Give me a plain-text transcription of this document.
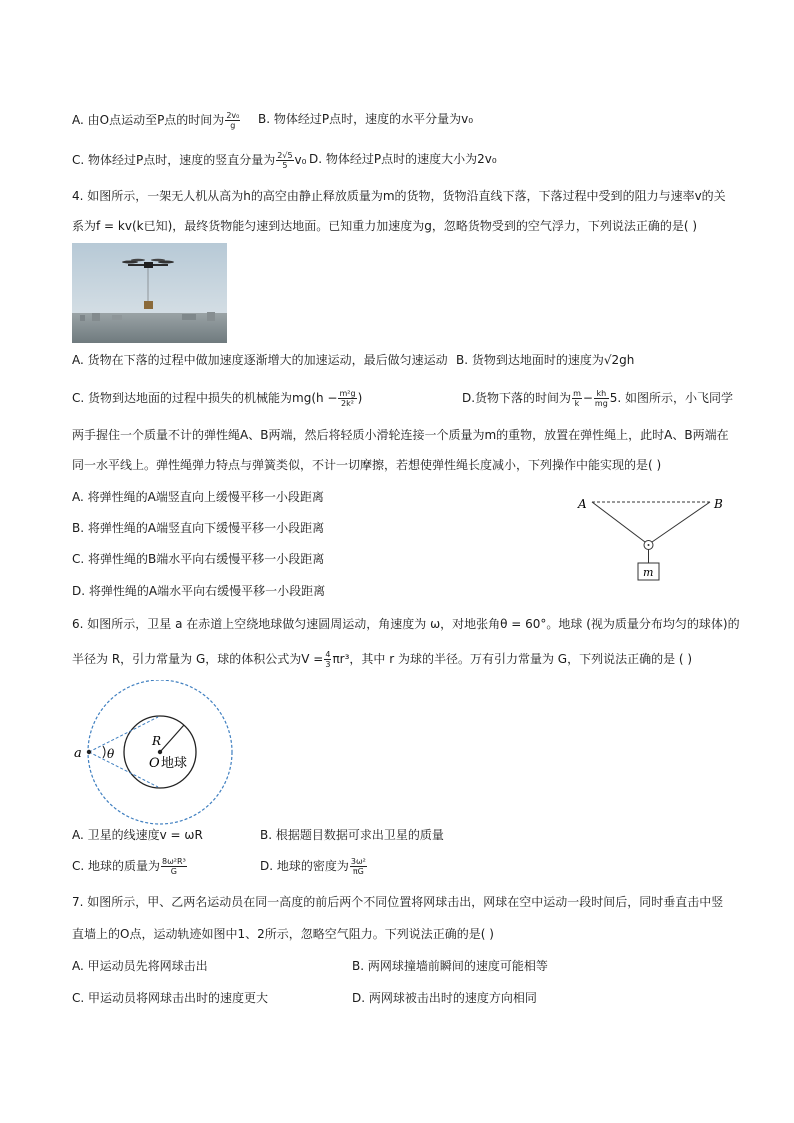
A. 由O点运动至P点的时间为 $\frac{\text{2v₀}}{g} B$. 物体经过P点时，速度的水平分量为v₀
C. 物体经过P点时，速度的竖直分量为 $\frac{2√5}{5} v_0$ D. 物体经过P点时的速度大小为2v₀
4. 如图所示，一架无人机从高为h的高空由静止释放质量为m的货物，货物沿直线下落，下落过程中受到的阻力与速率v的关
系为f = kv(k已知)，最终货物能匀速到达地面。已知重力加速度为g，忽略货物受到的空气浮力，下列说法正确的是( )
A. 货物在下落的过程中做加速度逐渐增大的加速运动，最后做匀速运动 B. 货物到达地面时的速度为√2gh
C. 货物到达地面的过程中损失的机械能为$mg(h - \frac{\text{m²g}}{\text{2k²}}$ )	D.货物下落的时间为 $\frac{m}{k} - \frac{kh}{mg} 5$. 如图所示，小飞同学
两手握住一个质量不计的弹性绳A、B两端，然后将轻质小滑轮连接一个质量为m的重物，放置在弹性绳上，此时A、B两端在
同一水平线上。弹性绳弹力特点与弹簧类似，不计一切摩擦，若想使弹性绳长度减小，下列操作中能实现的是( )
A. 将弹性绳的A端竖直向上缓慢平移一小段距离
B. 将弹性绳的A端竖直向下缓慢平移一小段距离
C. 将弹性绳的B端水平向右缓慢平移一小段距离
D. 将弹性绳的A端水平向右缓慢平移一小段距离
A	B
m
6. 如图所示，卫星 a 在赤道上空绕地球做匀速圆周运动，角速度为 ω，对地张角θ = 60°。地球 (视为质量分布均匀的球体)的
半径为 R，引力常量为 G，球的体积公式为$V = \frac{4}{3} \pi r^3$，其中 r 为球的半径。万有引力常量为 G，下列说法正确的是 ( )
a θ
R
O 地球
A. 卫星的线速度v = ωR	B. 根据题目数据可求出卫星的质量
C. 地球的质量为 $\frac{\text{8ω²R³}}{G}$	D. 地球的密度为 $\frac{\text{3ω²}}{\pi G}$
7. 如图所示，甲、乙两名运动员在同一高度的前后两个不同位置将网球击出，网球在空中运动一段时间后，同时垂直击中竖
直墙上的O点，运动轨迹如图中1、2所示，忽略空气阻力。下列说法正确的是( )
A. 甲运动员先将网球击出	B. 两网球撞墙前瞬间的速度可能相等
C. 甲运动员将网球击出时的速度更大	D. 两网球被击出时的速度方向相同
